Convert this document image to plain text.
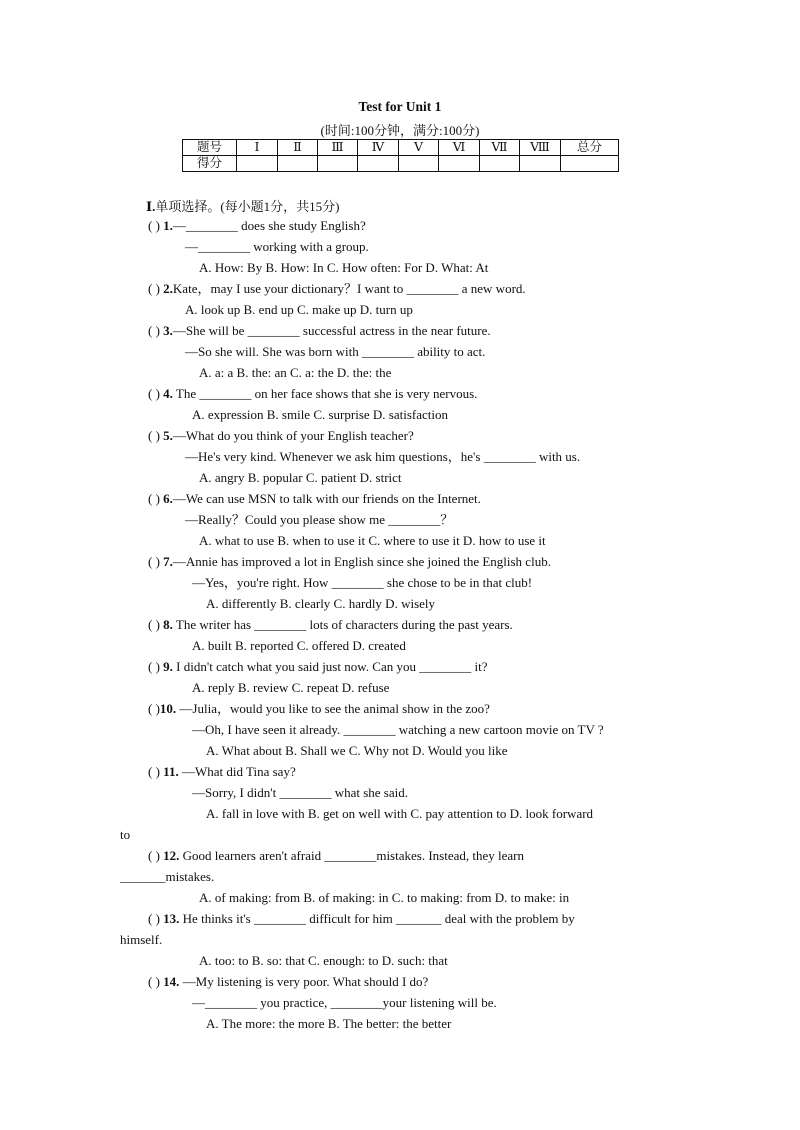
Test for Unit 1
(时间:100分钟，满分:100分)
题号	Ⅰ	Ⅱ	Ⅲ	Ⅳ	Ⅴ	Ⅵ	Ⅶ	Ⅷ	总分
得分									
Ⅰ.单项选择。(每小题1分，共15分)
( ) 1.—________ does she study English?
—________ working with a group.
A. How: By B. How: In C. How often: For D. What: At
( ) 2.Kate，may I use your dictionary？I want to ________ a new word.
A. look up B. end up C. make up D. turn up
( ) 3.—She will be ________ successful actress in the near future.
—So she will. She was born with ________ ability to act.
A. a: a B. the: an C. a: the D. the: the
( ) 4. The ________ on her face shows that she is very nervous.
A. expression B. smile C. surprise D. satisfaction
( ) 5.—What do you think of your English teacher?
—He's very kind. Whenever we ask him questions，he's ________ with us.
A. angry B. popular C. patient D. strict
( ) 6.—We can use MSN to talk with our friends on the Internet.
—Really？Could you please show me ________？
A. what to use B. when to use it C. where to use it D. how to use it
( ) 7.—Annie has improved a lot in English since she joined the English club.
—Yes，you're right. How ________ she chose to be in that club!
A. differently B. clearly C. hardly D. wisely
( ) 8. The writer has ________ lots of characters during the past years.
A. built B. reported C. offered D. created
( ) 9. I didn't catch what you said just now. Can you ________ it?
A. reply B. review C. repeat D. refuse
( )10. —Julia，would you like to see the animal show in the zoo?
—Oh, I have seen it already. ________ watching a new cartoon movie on TV ?
A. What about B. Shall we C. Why not D. Would you like
( ) 11. —What did Tina say?
—Sorry, I didn't ________ what she said.
A. fall in love with B. get on well with C. pay attention to D. look forward
to
( ) 12. Good learners aren't afraid ________mistakes. Instead, they learn
_______mistakes.
A. of making: from B. of making: in C. to making: from D. to make: in
( ) 13. He thinks it's ________ difficult for him _______ deal with the problem by
himself.
A. too: to B. so: that C. enough: to D. such: that
( ) 14. —My listening is very poor. What should I do?
—________ you practice, ________your listening will be.
A. The more: the more B. The better: the better
